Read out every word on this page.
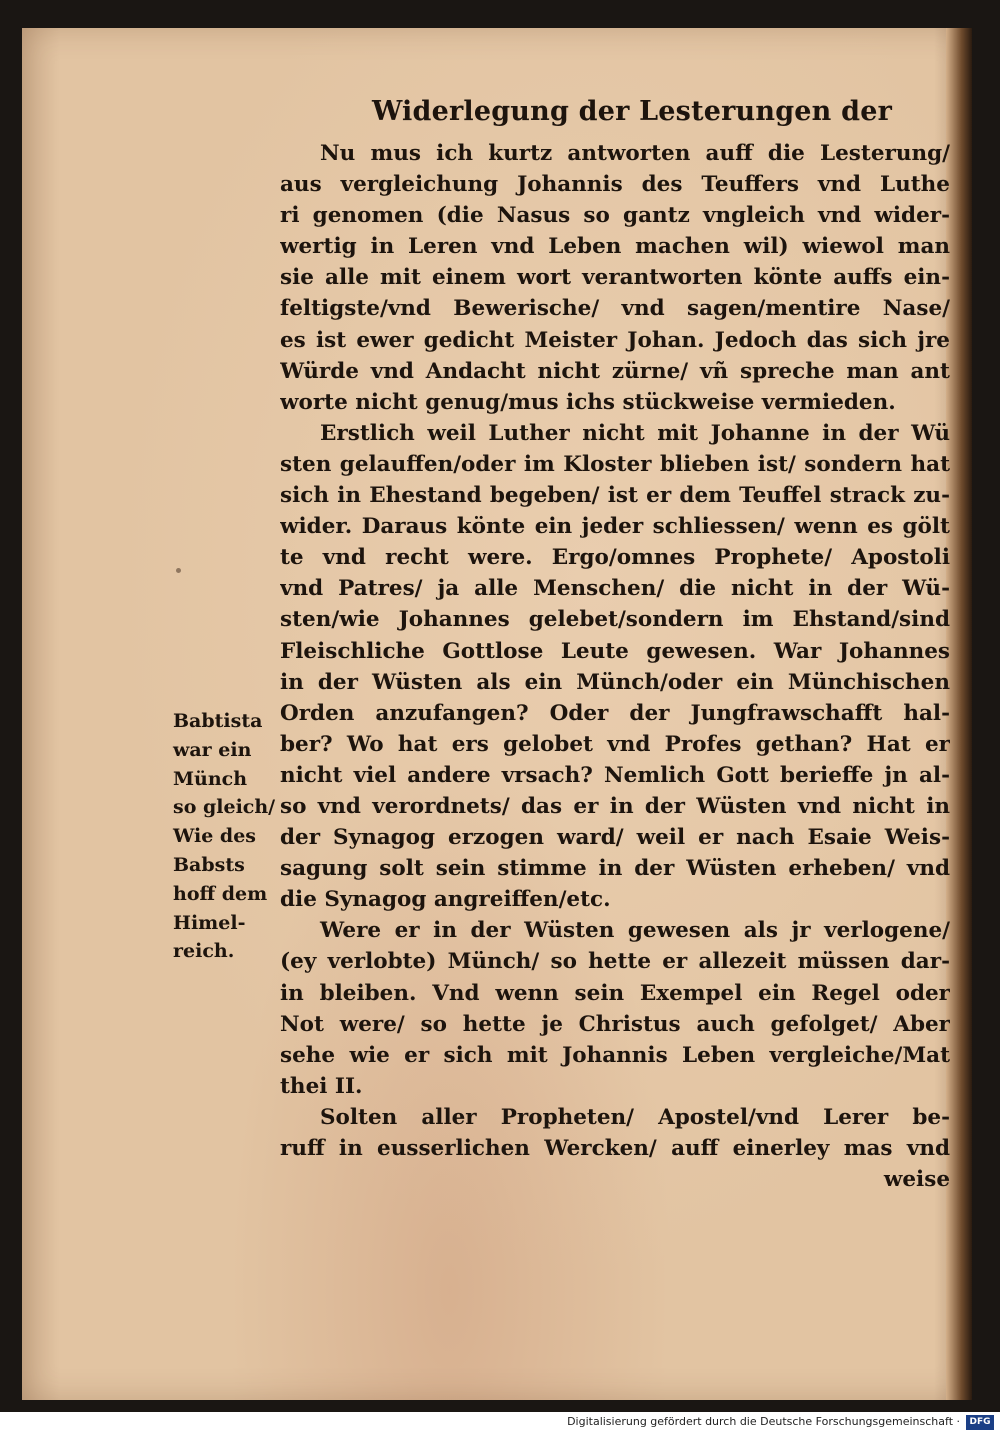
Widerlegung der Lesterungen der
Nu mus ich kurtz antworten auff die Lesterung/
aus vergleichung Johannis des Teuffers vnd Luthe
ri genomen (die Nasus so gantz vngleich vnd wider-
wertig in Leren vnd Leben machen wil) wiewol man
sie alle mit einem wort verantworten könte auffs ein-
feltigste/vnd Bewerische/ vnd sagen/mentire Nase/
es ist ewer gedicht Meister Johan. Jedoch das sich jre
Würde vnd Andacht nicht zürne/ vñ spreche man ant
worte nicht genug/mus ichs stückweise vermieden.
Erstlich weil Luther nicht mit Johanne in der Wü
sten gelauffen/oder im Kloster blieben ist/ sondern hat
sich in Ehestand begeben/ ist er dem Teuffel strack zu-
wider. Daraus könte ein jeder schliessen/ wenn es gölt
te vnd recht were. Ergo/omnes Prophete/ Apostoli
vnd Patres/ ja alle Menschen/ die nicht in der Wü-
sten/wie Johannes gelebet/sondern im Ehstand/sind
Fleischliche Gottlose Leute gewesen. War Johannes
in der Wüsten als ein Münch/oder ein Münchischen
Orden anzufangen? Oder der Jungfrawschafft hal-
ber? Wo hat ers gelobet vnd Profes gethan? Hat er
nicht viel andere vrsach? Nemlich Gott berieffe jn al-
so vnd verordnets/ das er in der Wüsten vnd nicht in
der Synagog erzogen ward/ weil er nach Esaie Weis-
sagung solt sein stimme in der Wüsten erheben/ vnd
die Synagog angreiffen/etc.
Were er in der Wüsten gewesen als jr verlogene/
(ey verlobte) Münch/ so hette er allezeit müssen dar-
in bleiben. Vnd wenn sein Exempel ein Regel oder
Not were/ so hette je Christus auch gefolget/ Aber
sehe wie er sich mit Johannis Leben vergleiche/Mat
thei II.
Solten aller Propheten/ Apostel/vnd Lerer be-
ruff in eusserlichen Wercken/ auff einerley mas vnd
weise
Babtista
war ein
Münch
so gleich/
Wie des
Babsts
hoff dem
Himel-
reich.
Digitalisierung gefördert durch die Deutsche Forschungsgemeinschaft ·	DFG
